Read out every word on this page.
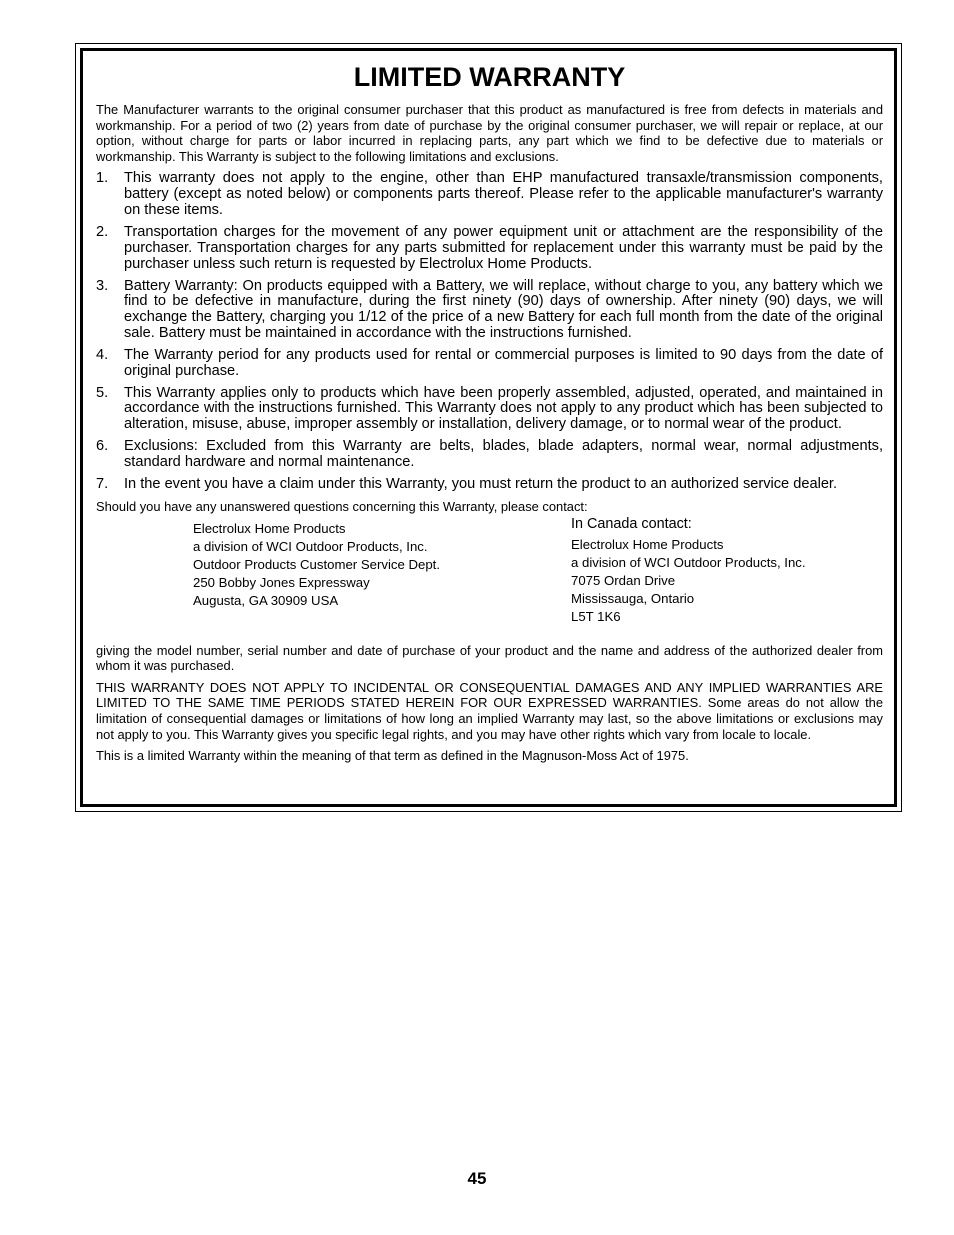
LIMITED WARRANTY

The Manufacturer warrants to the original consumer purchaser that this product as manufactured is free from defects in materials and workmanship. For a period of two (2) years from date of purchase by the original consumer purchaser, we will repair or replace, at our option, without charge for parts or labor incurred in replacing parts, any part which we find to be defective due to materials or workmanship. This Warranty is subject to the following limitations and exclusions.

1. This warranty does not apply to the engine, other than EHP manufactured transaxle/transmission components, battery (except as noted below) or components parts thereof. Please refer to the applicable manufacturer's warranty on these items.
2. Transportation charges for the movement of any power equipment unit or attachment are the responsibility of the purchaser. Transportation charges for any parts submitted for replacement under this warranty must be paid by the purchaser unless such return is requested by Electrolux Home Products.
3. Battery Warranty: On products equipped with a Battery, we will replace, without charge to you, any battery which we find to be defective in manufacture, during the first ninety (90) days of ownership. After ninety (90) days, we will exchange the Battery, charging you 1/12 of the price of a new Battery for each full month from the date of the original sale. Battery must be maintained in accordance with the instructions furnished.
4. The Warranty period for any products used for rental or commercial purposes is limited to 90 days from the date of original purchase.
5. This Warranty applies only to products which have been properly assembled, adjusted, operated, and maintained in accordance with the instructions furnished. This Warranty does not apply to any product which has been subjected to alteration, misuse, abuse, improper assembly or installation, delivery damage, or to normal wear of the product.
6. Exclusions: Excluded from this Warranty are belts, blades, blade adapters, normal wear, normal adjustments, standard hardware and normal maintenance.
7. In the event you have a claim under this Warranty, you must return the product to an authorized service dealer.

Should you have any unanswered questions concerning this Warranty, please contact:

Electrolux Home Products
a division of WCI Outdoor Products, Inc.
Outdoor Products Customer Service Dept.
250 Bobby Jones Expressway
Augusta, GA 30909 USA
In Canada contact:
Electrolux Home Products
a division of WCI Outdoor Products, Inc.
7075 Ordan Drive
Mississauga, Ontario
L5T 1K6

giving the model number, serial number and date of purchase of your product and the name and address of the authorized dealer from whom it was purchased.

THIS WARRANTY DOES NOT APPLY TO INCIDENTAL OR CONSEQUENTIAL DAMAGES AND ANY IMPLIED WARRANTIES ARE LIMITED TO THE SAME TIME PERIODS STATED HEREIN FOR OUR EXPRESSED WARRANTIES. Some areas do not allow the limitation of consequential damages or limitations of how long an implied Warranty may last, so the above limitations or exclusions may not apply to you. This Warranty gives you specific legal rights, and you may have other rights which vary from locale to locale.

This is a limited Warranty within the meaning of that term as defined in the Magnuson-Moss Act of 1975.

45
